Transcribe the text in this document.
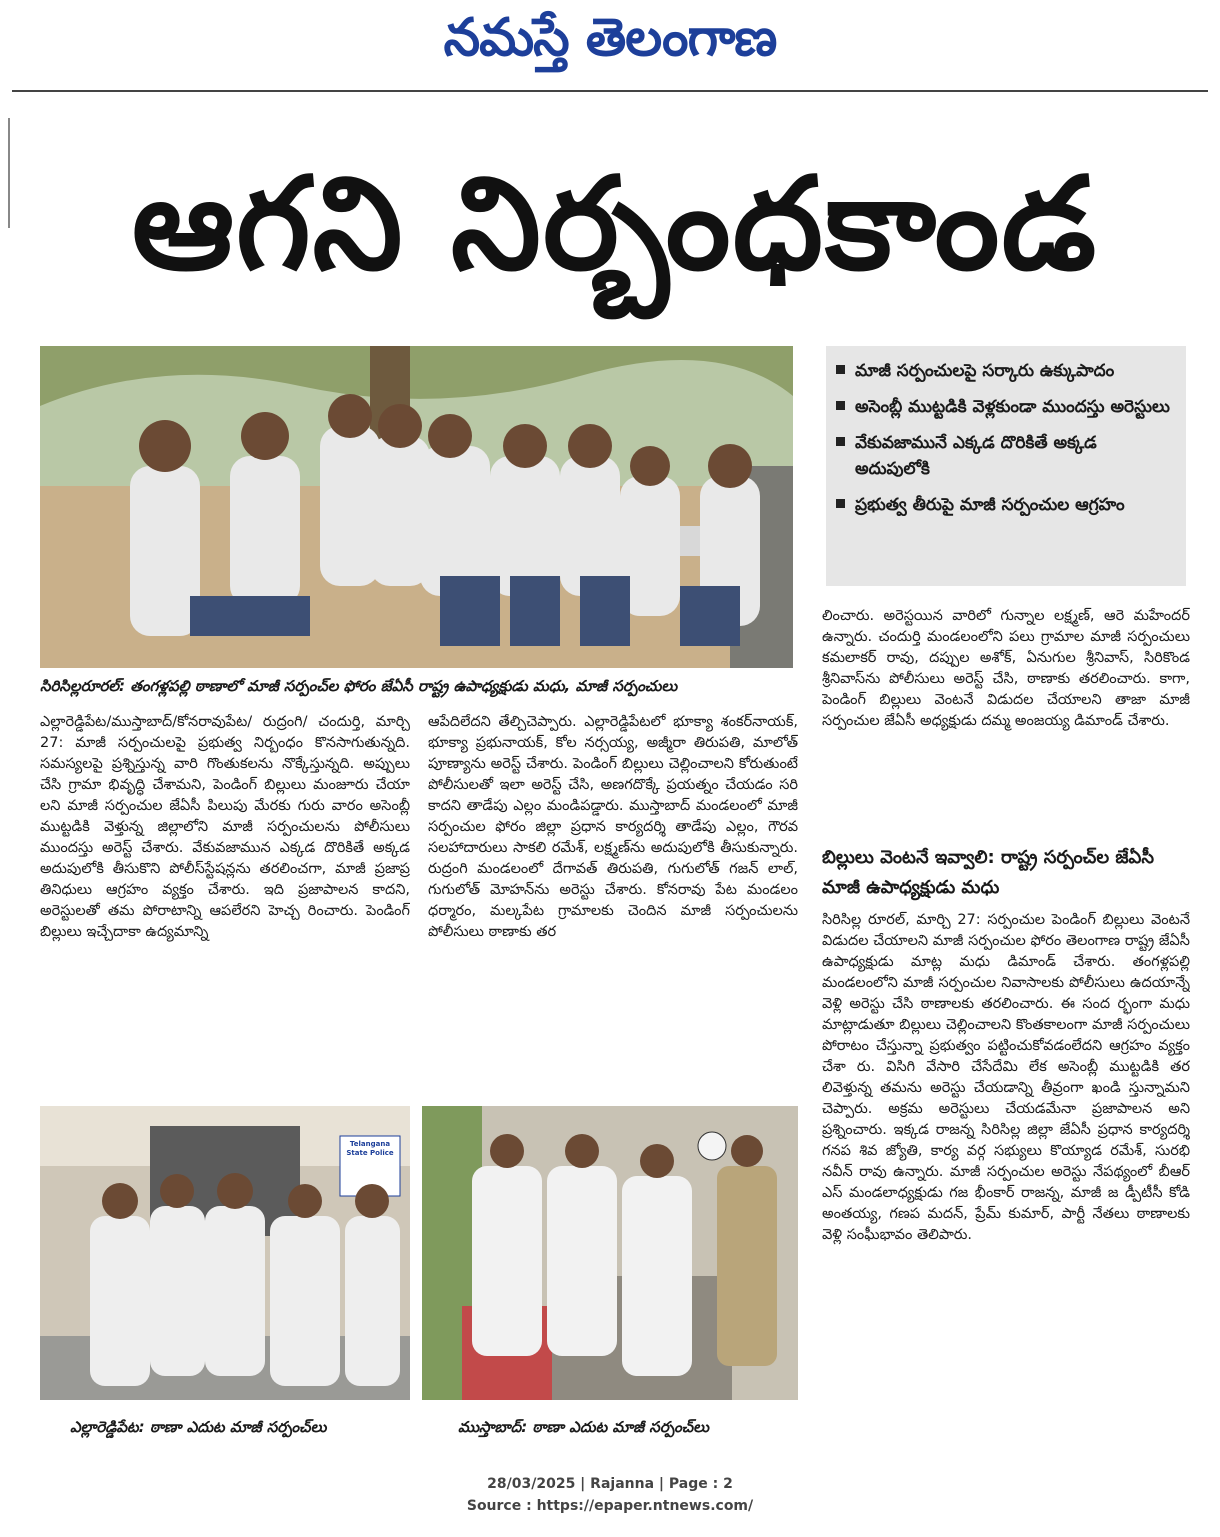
నమస్తే తెలంగాణ
ఆగని నిర్బంధకాండ
సిరిసిల్లరూరల్: తంగళ్లపల్లి ఠాణాలో మాజీ సర్పంచ్‌ల ఫోరం జేఏసీ రాష్ట్ర ఉపాధ్యక్షుడు మధు, మాజీ సర్పంచులు
మాజీ సర్పంచులపై సర్కారు ఉక్కుపాదం
అసెంబ్లీ ముట్టడికి వెళ్లకుండా ముందస్తు అరెస్టులు
వేకువజామునే ఎక్కడ దొరికితే అక్కడ అదుపులోకి
ప్రభుత్వ తీరుపై మాజీ సర్పంచుల ఆగ్రహం

ఎల్లారెడ్డిపేట/ముస్తాబాద్/కోనరావుపేట/ రుద్రంగి/ చందుర్తి, మార్చి 27: మాజీ సర్పంచులపై ప్రభుత్వ నిర్బంధం కొనసాగుతున్నది. సమస్యలపై ప్రశ్నిస్తున్న వారి గొంతుకలను నొక్కేస్తున్నది. అప్పులు చేసి గ్రామా భివృద్ధి చేశామని, పెండింగ్ బిల్లులు మంజూరు చేయా లని మాజీ సర్పంచుల జేఏసీ పిలుపు మేరకు గురు వారం అసెంబ్లీ ముట్టడికి వెళ్తున్న జిల్లాలోని మాజీ సర్పంచులను పోలీసులు ముందస్తు అరెస్ట్ చేశారు. వేకువజామున ఎక్కడ దొరికితే అక్కడ అదుపులోకి తీసుకొని పోలీస్‌స్టేషన్లను తరలించగా, మాజీ ప్రజాప్ర తినిధులు ఆగ్రహం వ్యక్తం చేశారు. ఇది ప్రజాపాలన కాదని, అరెస్టులతో తమ పోరాటాన్ని ఆపలేరని హెచ్చ రించారు. పెండింగ్ బిల్లులు ఇచ్చేదాకా ఉద్యమాన్ని

ఆపేదిలేదని తేల్చిచెప్పారు. ఎల్లారెడ్డిపేటలో భూక్యా శంకర్‌నాయక్, భూక్యా ప్రభునాయక్, కోల నర్సయ్య, అజ్మీరా తిరుపతి, మాలోత్ పూణ్యాను అరెస్ట్ చేశారు. పెండింగ్ బిల్లులు చెల్లించాలని కోరుతుంటే పోలీసులతో ఇలా అరెస్ట్ చేసి, అణగదొక్కే ప్రయత్నం చేయడం సరి కాదని తాడేపు ఎల్లం మండిపడ్డారు. ముస్తాబాద్ మండలంలో మాజీ సర్పంచుల ఫోరం జిల్లా ప్రధాన కార్యదర్శి తాడేపు ఎల్లం, గౌరవ సలహాదారులు సాకలి రమేశ్, లక్ష్మణ్‌ను అదుపులోకి తీసుకున్నారు. రుద్రంగి మండలంలో దేగావత్ తిరుపతి, గుగులోత్ గజన్ లాల్, గుగులోత్ మోహన్‌ను అరెస్టు చేశారు. కోనరావు పేట మండలం ధర్మారం, మల్కపేట గ్రామాలకు చెందిన మాజీ సర్పంచులను పోలీసులు ఠాణాకు తర

లించారు. అరెస్టయిన వారిలో గున్నాల లక్ష్మణ్, ఆరె మహేందర్ ఉన్నారు. చందుర్తి మండలంలోని పలు గ్రామాల మాజీ సర్పంచులు కమలాకర్ రావు, దప్పుల అశోక్, ఏనుగుల శ్రీనివాస్, సిరికొండ శ్రీనివాస్‌ను పోలీసులు అరెస్ట్ చేసి, ఠాణాకు తరలించారు. కాగా, పెండింగ్ బిల్లులు వెంటనే విడుదల చేయాలని తాజా మాజీ సర్పంచుల జేఏసీ అధ్యక్షుడు దమ్మ అంజయ్య డిమాండ్ చేశారు.

బిల్లులు వెంటనే ఇవ్వాలి: రాష్ట్ర సర్పంచ్‌ల జేఏసీ మాజీ ఉపాధ్యక్షుడు మధు

సిరిసిల్ల రూరల్, మార్చి 27: సర్పంచుల పెండింగ్ బిల్లులు వెంటనే విడుదల చేయాలని మాజీ సర్పంచుల ఫోరం తెలంగాణ రాష్ట్ర జేఏసీ ఉపాధ్యక్షుడు మాట్ల మధు డిమాండ్ చేశారు. తంగళ్లపల్లి మండలంలోని మాజీ సర్పంచుల నివాసాలకు పోలీసులు ఉదయాన్నే వెళ్లి అరెస్టు చేసి ఠాణాలకు తరలించారు. ఈ సంద ర్భంగా మధు మాట్లాడుతూ బిల్లులు చెల్లించాలని కొంతకాలంగా మాజీ సర్పంచులు పోరాటం చేస్తున్నా ప్రభుత్వం పట్టించుకోవడంలేదని ఆగ్రహం వ్యక్తం చేశా రు. విసిగి వేసారి చేసేదేమి లేక అసెంబ్లీ ముట్టడికి తర లివెళ్తున్న తమను అరెస్టు చేయడాన్ని తీవ్రంగా ఖండి స్తున్నామని చెప్పారు. అక్రమ అరెస్టులు చేయడమేనా ప్రజాపాలన అని ప్రశ్నించారు. ఇక్కడ రాజన్న సిరిసిల్ల జిల్లా జేఏసీ ప్రధాన కార్యదర్శి గనప శివ జ్యోతి, కార్య వర్గ సభ్యులు కొయ్యాడ రమేశ్, సురభి నవీన్ రావు ఉన్నారు. మాజీ సర్పంచుల అరెస్టు నేపథ్యంలో బీఆర్ ఎస్ మండలాధ్యక్షుడు గజ భీంకార్ రాజన్న, మాజీ జ డ్పీటీసీ కోడి అంతయ్య, గణప మదన్, ప్రేమ్ కుమార్, పార్టీ నేతలు ఠాణాలకు వెళ్లి సంఘీభావం తెలిపారు.

Telangana State Police
ఎల్లారెడ్డిపేట: ఠాణా ఎదుట మాజీ సర్పంచ్‌లు	ముస్తాబాద్: ఠాణా ఎదుట మాజీ సర్పంచ్‌లు
28/03/2025 | Rajanna | Page : 2
Source : https://epaper.ntnews.com/
